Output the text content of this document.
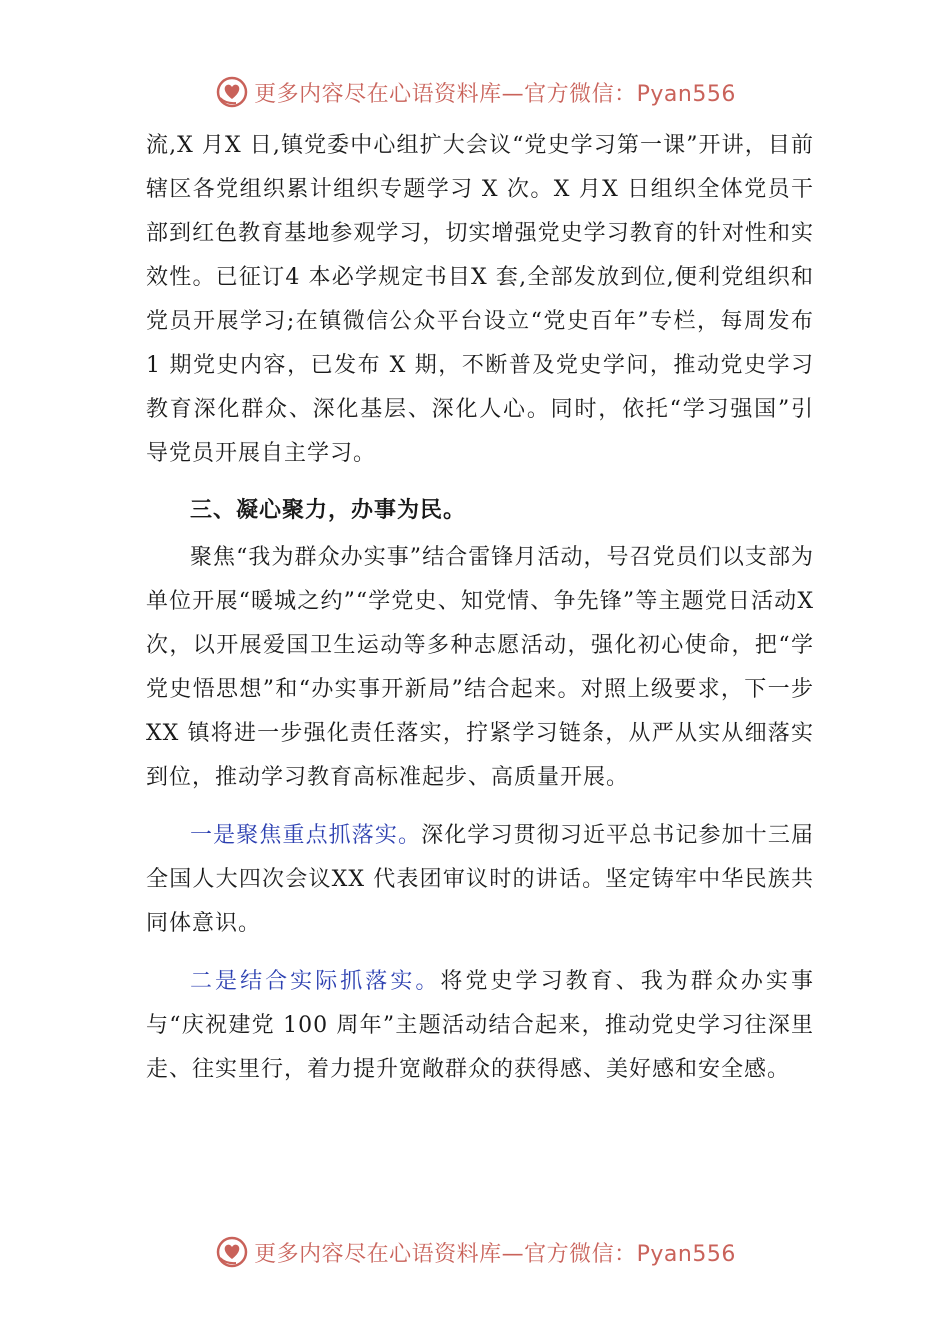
更多内容尽在心语资料库—官方微信：Pyan556

流,X 月X 日,镇党委中心组扩大会议“党史学习第一课”开讲，目前辖区各党组织累计组织专题学习 X 次。X 月X 日组织全体党员干部到红色教育基地参观学习，切实增强党史学习教育的针对性和实效性。已征订4 本必学规定书目X 套,全部发放到位,便利党组织和党员开展学习;在镇微信公众平台设立“党史百年”专栏，每周发布 1 期党史内容，已发布 X 期，不断普及党史学问，推动党史学习教育深化群众、深化基层、深化人心。同时，依托“学习强国”引导党员开展自主学习。

三、凝心聚力，办事为民。

聚焦“我为群众办实事”结合雷锋月活动，号召党员们以支部为单位开展“暖城之约”“学党史、知党情、争先锋”等主题党日活动X 次，以开展爱国卫生运动等多种志愿活动，强化初心使命，把“学党史悟思想”和“办实事开新局”结合起来。对照上级要求，下一步XX 镇将进一步强化责任落实，拧紧学习链条，从严从实从细落实到位，推动学习教育高标准起步、高质量开展。

一是聚焦重点抓落实。深化学习贯彻习近平总书记参加十三届全国人大四次会议XX 代表团审议时的讲话。坚定铸牢中华民族共同体意识。

二是结合实际抓落实。将党史学习教育、我为群众办实事与“庆祝建党 100 周年”主题活动结合起来，推动党史学习往深里走、往实里行，着力提升宽敞群众的获得感、美好感和安全感。

更多内容尽在心语资料库—官方微信：Pyan556
